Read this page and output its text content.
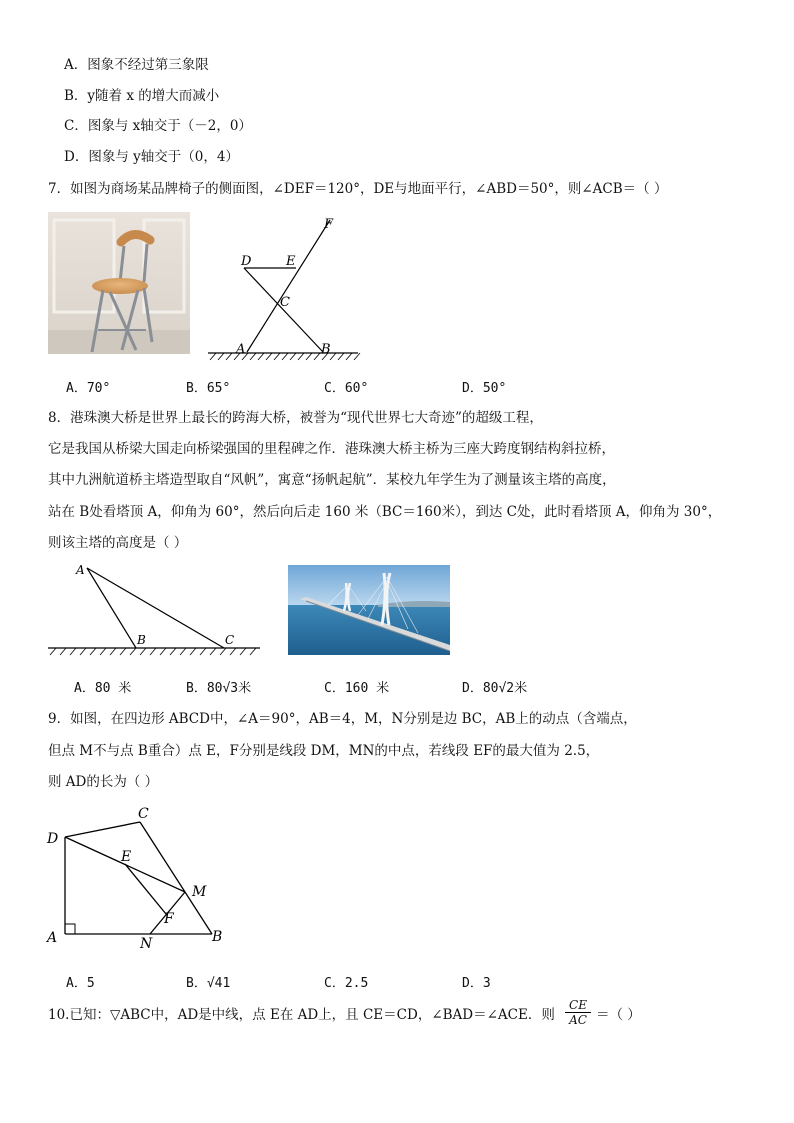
A．图象不经过第三象限
B．y随着 x 的增大而减小
C．图象与 x轴交于（－2，0）
D．图象与 y轴交于（0，4）
7．如图为商场某品牌椅子的侧面图，∠DEF＝120°，DE与地面平行，∠ABD＝50°，则∠ACB＝（ ）
F
D	E
C
A	B
A．70°	B．65°	C．60°	D．50°
8．港珠澳大桥是世界上最长的跨海大桥，被誉为“现代世界七大奇迹”的超级工程，
它是我国从桥梁大国走向桥梁强国的里程碑之作．港珠澳大桥主桥为三座大跨度钢结构斜拉桥，
其中九洲航道桥主塔造型取自“风帆”，寓意“扬帆起航”．某校九年学生为了测量该主塔的高度，
站在 B处看塔顶 A，仰角为 60°，然后向后走 160 米（BC＝160米），到达 C处，此时看塔顶 A，仰角为 30°，
则该主塔的高度是（ ）
A
B	C
A．80 米	B．80√3米	C．160 米	D．80√2米
9．如图，在四边形 ABCD中，∠A＝90°，AB＝4，M，N分别是边 BC，AB上的动点（含端点，
但点 M不与点 B重合）点 E，F分别是线段 DM，MN的中点，若线段 EF的最大值为 2.5，
则 AD的长为（ ）
C
D
E
M
F
A	N	B
A．5	B．√41	C．2.5	D．3
10.已知：▽ABC中，AD是中线，点 E在 AD上，且 CE＝CD，∠BAD＝∠ACE．则 $\frac{CE}{AC}$ ＝（ ）
